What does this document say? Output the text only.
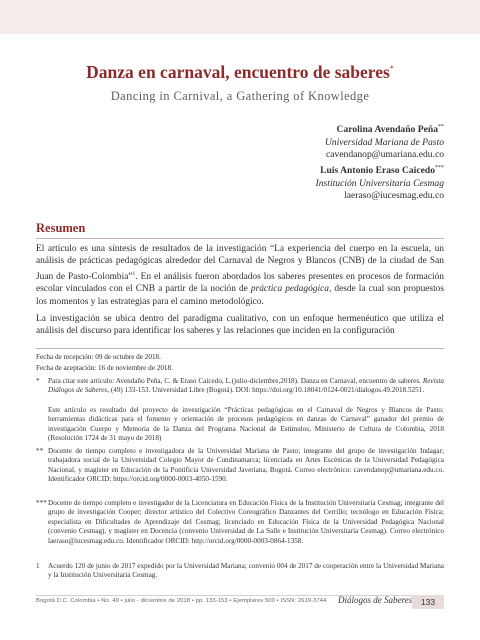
Danza en carnaval, encuentro de saberes*
Dancing in Carnival, a Gathering of Knowledge
Carolina Avendaño Peña**
Universidad Mariana de Pasto
cavendanop@umariana.edu.co
Luis Antonio Eraso Caicedo***
Institución Universitaria Cesmag
laeraso@iucesmag.edu.co
Resumen

El artículo es una síntesis de resultados de la investigación “La experiencia del cuerpo en la escuela, un análisis de prácticas pedagógicas alrededor del Carnaval de Negros y Blancos (CNB) de la ciudad de San Juan de Pasto-Colombia”$^1$. En el análisis fueron abordados los saberes presentes en procesos de formación escolar vinculados con el CNB a partir de la noción de práctica pedagógica, desde la cual son propuestos los momentos y las estrategias para el camino metodológico.

La investigación se ubica dentro del paradigma cualitativo, con un enfoque hermenéutico que utiliza el análisis del discurso para identificar los saberes y las relaciones que inciden en la configuración

Fecha de recepción: 09 de octubre de 2018.
Fecha de aceptación: 16 de noviembre de 2018.
*	Para citar este artículo: Avendaño Peña, C. & Eraso Caicedo, L.(julio-diciembre,2018). Danza en Carnaval, encuentro de saberes. Revista Diálogos de Saberes, (49) 133-153. Universidad Libre (Bogotá). DOI: https://doi.org/10.18041/0124-0021/dialogos.49.2018.5251.
Este artículo es resultado del proyecto de investigación “Prácticas pedagógicas en el Carnaval de Negros y Blancos de Pasto: herramientas didácticas para el fomento y orientación de procesos pedagógicos en danzas de Carnaval” ganador del premio de investigación Cuerpo y Memoria de la Danza del Programa Nacional de Estímulos, Ministerio de Cultura de Colombia, 2018 (Resolución 1724 de 31 mayo de 2018)
** Docente de tiempo completo e investigadora de la Universidad Mariana de Pasto; integrante del grupo de investigación Indagar; trabajadora social de la Universidad Colegio Mayor de Cundinamarca; licenciada en Artes Escénicas de la Universidad Pedagógica Nacional, y magíster en Educación de la Pontificia Universidad Javeriana, Bogotá. Correo electrónico: cavendanop@umariana.edu.co. Identificador ORCID: https://orcid.org/0000-0003-4050-1590.
*** Docente de tiempo completo e investigador de la Licenciatura en Educación Física de la Institución Universitaria Cesmag; integrante del grupo de investigación Cooper; director artístico del Colectivo Coreográfico Danzantes del Cerrillo; tecnólogo en Educación Física; especialista en Dificultades de Aprendizaje del Cesmag; licenciado en Educación Física de la Universidad Pedagógica Nacional (convenio Cesmag), y magíster en Docencia (convenio Universidad de La Salle e Institución Universitaria Cesmag). Correo electrónico laeraso@iucesmag.edu.co. Identificador ORCID: http://orcid.org/0000-0003-0864-1358.
1	Acuerdo 120 de junio de 2017 expedido por la Universidad Mariana; convenio 004 de 2017 de cooperación entre la Universidad Mariana y la Institución Universitaria Cesmag.
Bogotá D.C. Colombia • No. 49 • julio - diciembre de 2018 • pp. 133-153 • Ejemplares 500 • ISSN: 2619-3744 Diálogos de Saberes	133
